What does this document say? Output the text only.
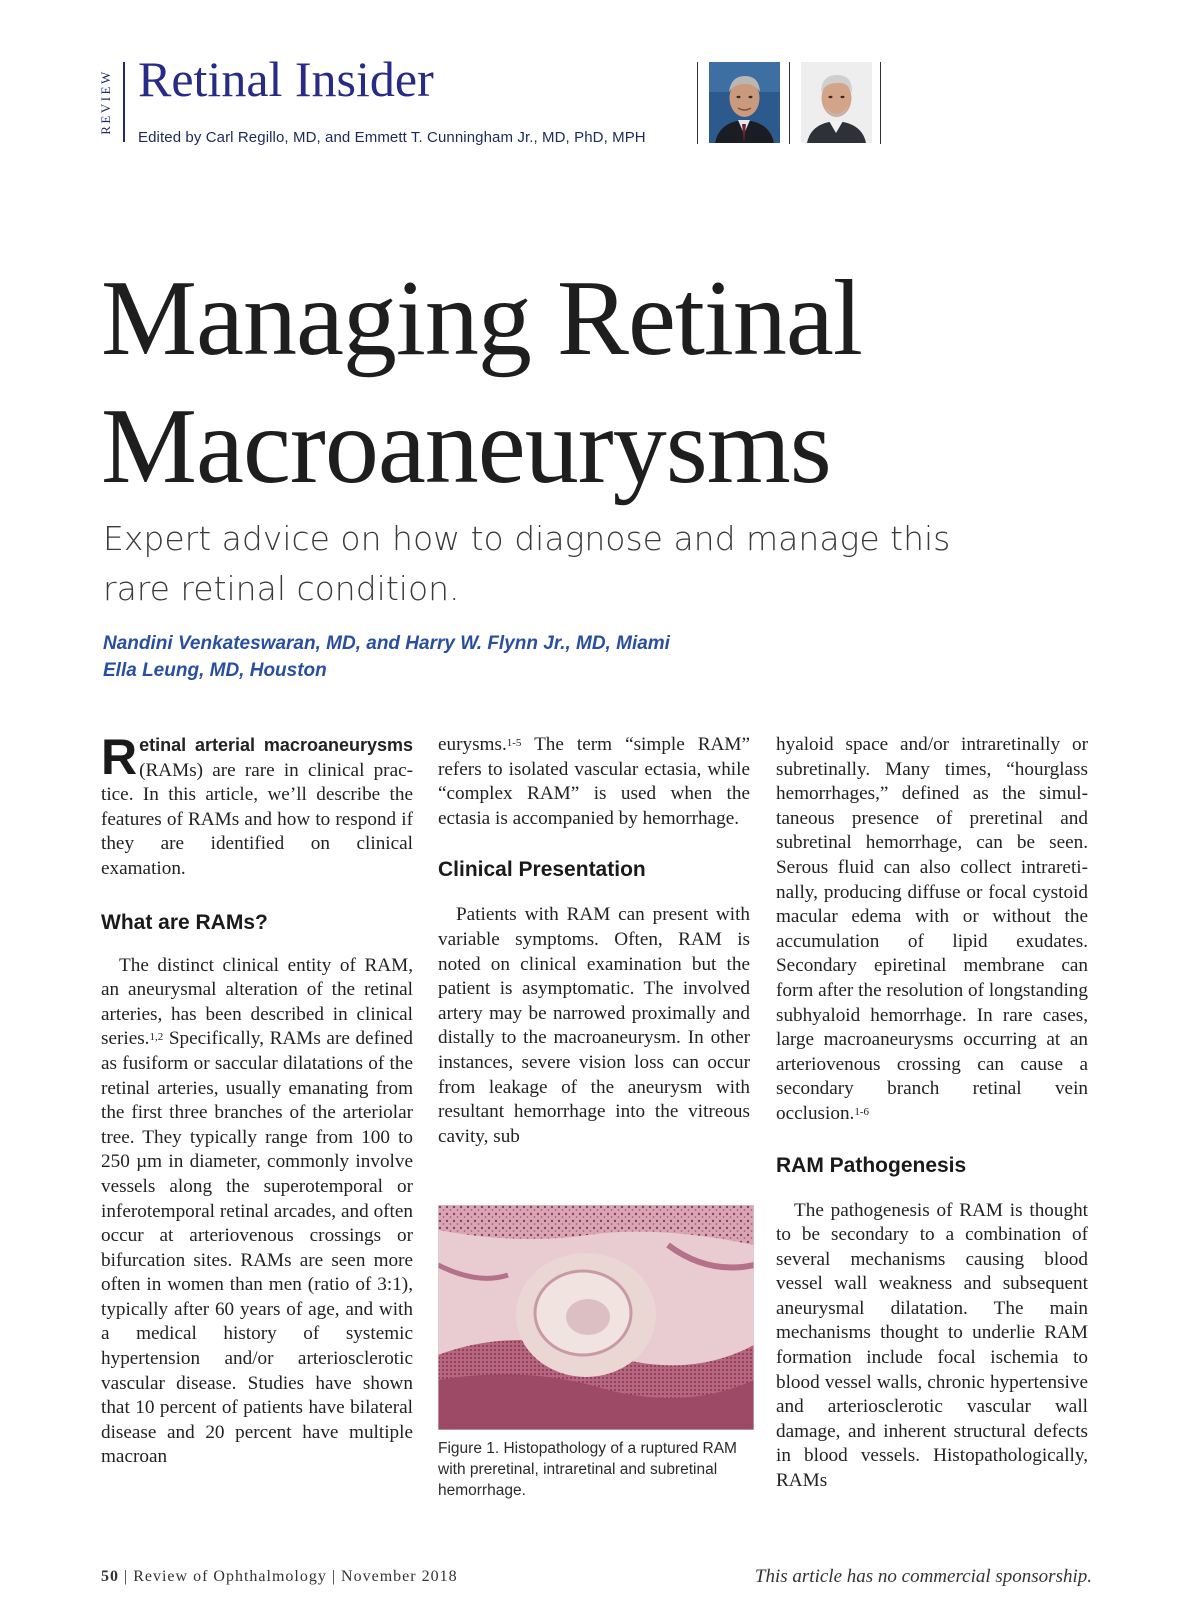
REVIEW Retinal Insider

Edited by Carl Regillo, MD, and Emmett T. Cunningham Jr., MD, PhD, MPH

Managing Retinal
Macroaneurysms

Expert advice on how to diagnose and manage this rare retinal condition.

Nandini Venkateswaran, MD, and Harry W. Flynn Jr., MD, Miami
Ella Leung, MD, Houston

Retinal arterial macroaneurysms (RAMs) are rare in clinical practice. In this article, we’ll describe the features of RAMs and how to respond if they are identified on clinical examation.

What are RAMs?

The distinct clinical entity of RAM, an aneurysmal alteration of the retinal arteries, has been described in clinical series.$^{1,2}$ Specifically, RAMs are defined as fusiform or saccular dilatations of the retinal arteries, usually emanating from the first three branches of the arteriolar tree. They typically range from 100 to 250 µm in diameter, commonly involve vessels along the superotemporal or inferotemporal retinal arcades, and often occur at arteriovenous crossings or bifurcation sites. RAMs are seen more often in women than men (ratio of 3:1), typically after 60 years of age, and with a medical history of systemic hypertension and/or arteriosclerotic vascular disease. Studies have shown that 10 percent of patients have bilateral disease and 20 percent have multiple macroan

eurysms.$^{1-5}$ The term “simple RAM” refers to isolated vascular ectasia, while “complex RAM” is used when the ectasia is accompanied by hemorrhage.

Clinical Presentation

Patients with RAM can present with variable symptoms. Often, RAM is noted on clinical examination but the patient is asymptomatic. The involved artery may be narrowed proximally and distally to the macroaneurysm. In other instances, severe vision loss can occur from leakage of the aneurysm with resultant hemorrhage into the vitreous cavity, sub

Figure 1. Histopathology of a ruptured RAM with preretinal, intraretinal and subretinal hemorrhage.

hyaloid space and/or intraretinally or subretinally. Many times, “hourglass hemorrhages,” defined as the simultaneous presence of preretinal and subretinal hemorrhage, can be seen. Serous fluid can also collect intraretinally, producing diffuse or focal cystoid macular edema with or without the accumulation of lipid exudates. Secondary epiretinal membrane can form after the resolution of longstanding subhyaloid hemorrhage. In rare cases, large macroaneurysms occurring at an arteriovenous crossing can cause a secondary branch retinal vein occlusion.$^{1-6}$

RAM Pathogenesis

The pathogenesis of RAM is thought to be secondary to a combination of several mechanisms causing blood vessel wall weakness and subsequent aneurysmal dilatation. The main mechanisms thought to underlie RAM formation include focal ischemia to blood vessel walls, chronic hypertensive and arteriosclerotic vascular wall damage, and inherent structural defects in blood vessels. Histopathologically, RAMs

50 | Review of Ophthalmology | November 2018	This article has no commercial sponsorship.
